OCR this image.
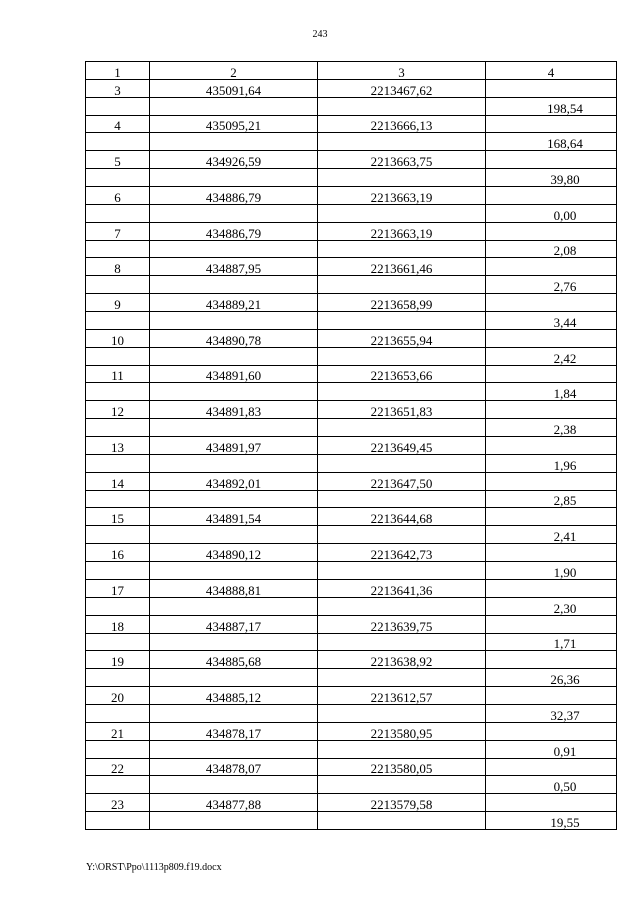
243
1	2	3	4
3	435091,64	2213467,62	
			198,54
4	435095,21	2213666,13	
			168,64
5	434926,59	2213663,75	
			39,80
6	434886,79	2213663,19	
			0,00
7	434886,79	2213663,19	
			2,08
8	434887,95	2213661,46	
			2,76
9	434889,21	2213658,99	
			3,44
10	434890,78	2213655,94	
			2,42
11	434891,60	2213653,66	
			1,84
12	434891,83	2213651,83	
			2,38
13	434891,97	2213649,45	
			1,96
14	434892,01	2213647,50	
			2,85
15	434891,54	2213644,68	
			2,41
16	434890,12	2213642,73	
			1,90
17	434888,81	2213641,36	
			2,30
18	434887,17	2213639,75	
			1,71
19	434885,68	2213638,92	
			26,36
20	434885,12	2213612,57	
			32,37
21	434878,17	2213580,95	
			0,91
22	434878,07	2213580,05	
			0,50
23	434877,88	2213579,58	
			19,55
Y:\ORST\Ppo\1113p809.f19.docx
